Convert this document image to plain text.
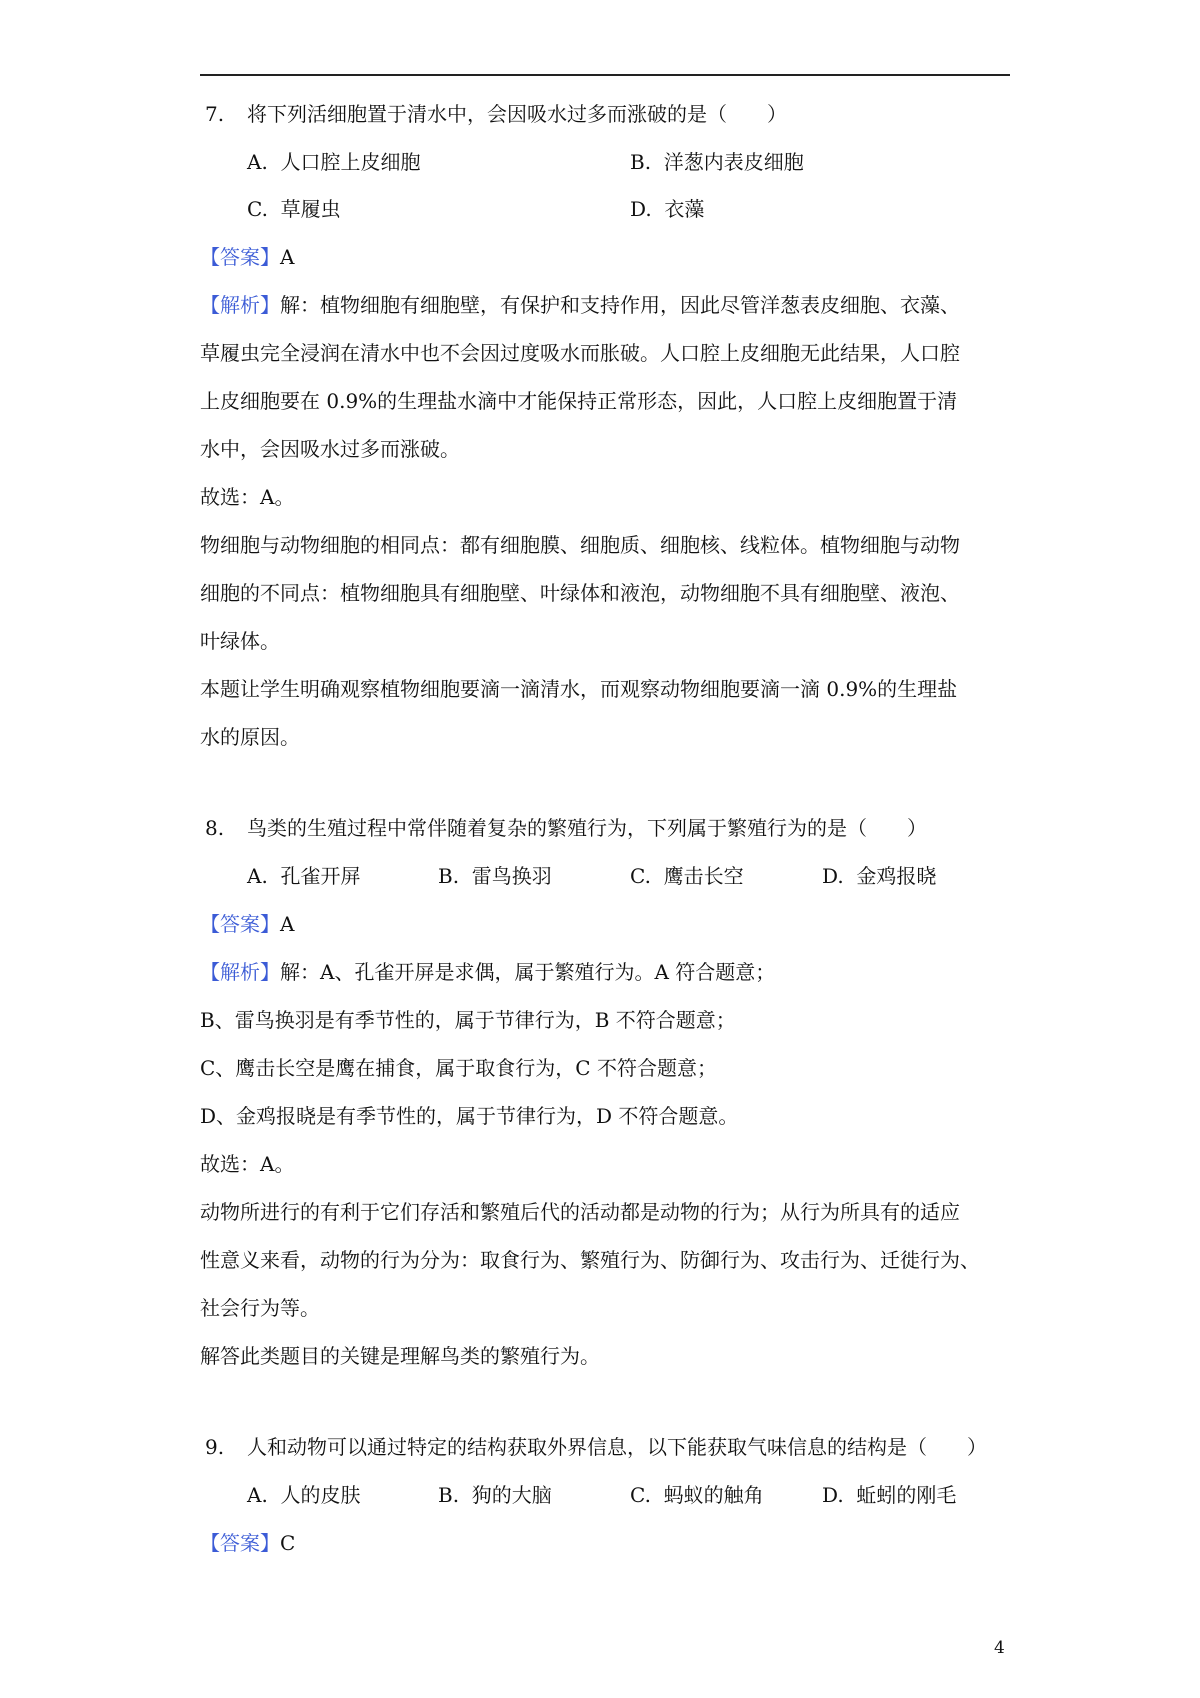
7. 将下列活细胞置于清水中，会因吸水过多而涨破的是（　　）
A. 人口腔上皮细胞	B. 洋葱内表皮细胞
C. 草履虫	D. 衣藻
【答案】A
【解析】解：植物细胞有细胞壁，有保护和支持作用，因此尽管洋葱表皮细胞、衣藻、
草履虫完全浸润在清水中也不会因过度吸水而胀破。人口腔上皮细胞无此结果，人口腔
上皮细胞要在 0.9%的生理盐水滴中才能保持正常形态，因此，人口腔上皮细胞置于清
水中，会因吸水过多而涨破。
故选：A。
物细胞与动物细胞的相同点：都有细胞膜、细胞质、细胞核、线粒体。植物细胞与动物
细胞的不同点：植物细胞具有细胞壁、叶绿体和液泡，动物细胞不具有细胞壁、液泡、
叶绿体。
本题让学生明确观察植物细胞要滴一滴清水，而观察动物细胞要滴一滴 0.9%的生理盐
水的原因。
8. 鸟类的生殖过程中常伴随着复杂的繁殖行为，下列属于繁殖行为的是（　　）
A. 孔雀开屏	B. 雷鸟换羽	C. 鹰击长空	D. 金鸡报晓
【答案】A
【解析】解：A、孔雀开屏是求偶，属于繁殖行为。A 符合题意；
B、雷鸟换羽是有季节性的，属于节律行为，B 不符合题意；
C、鹰击长空是鹰在捕食，属于取食行为，C 不符合题意；
D、金鸡报晓是有季节性的，属于节律行为，D 不符合题意。
故选：A。
动物所进行的有利于它们存活和繁殖后代的活动都是动物的行为；从行为所具有的适应
性意义来看，动物的行为分为：取食行为、繁殖行为、防御行为、攻击行为、迁徙行为、
社会行为等。
解答此类题目的关键是理解鸟类的繁殖行为。
9. 人和动物可以通过特定的结构获取外界信息，以下能获取气味信息的结构是（　　）
A. 人的皮肤	B. 狗的大脑	C. 蚂蚁的触角	D. 蚯蚓的刚毛
【答案】C
4
